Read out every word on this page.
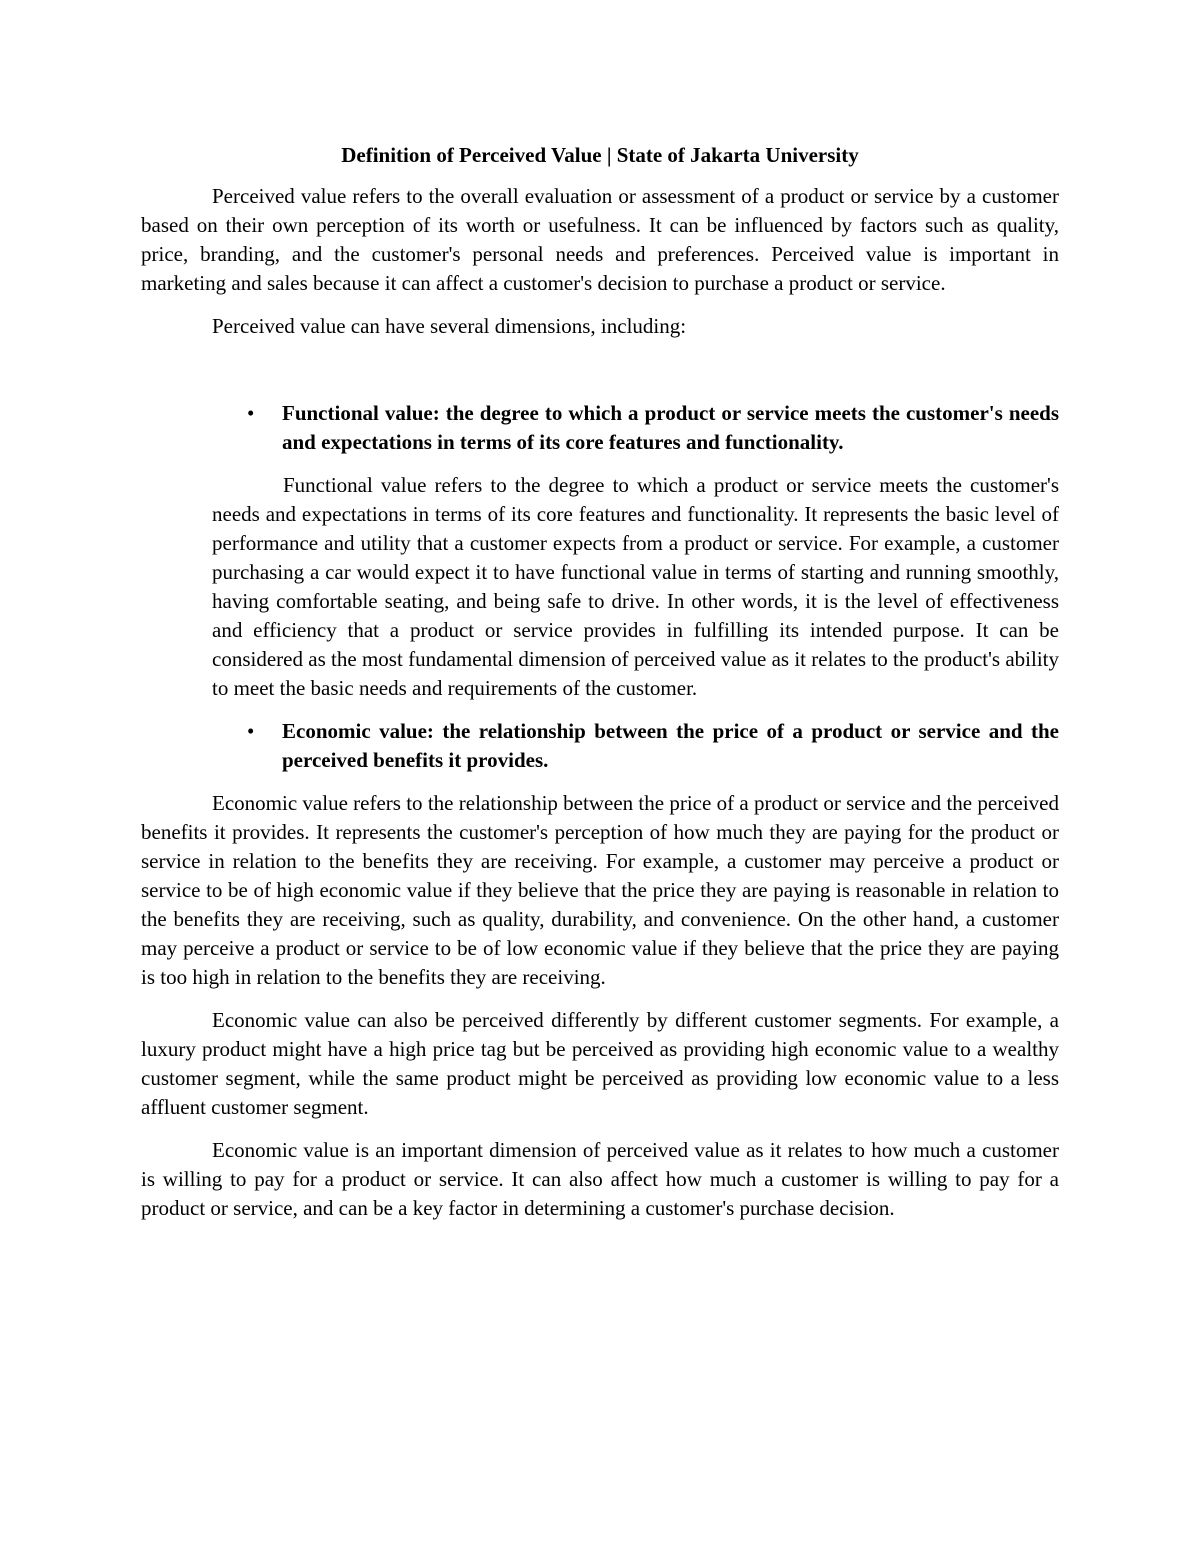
Definition of Perceived Value | State of Jakarta University

Perceived value refers to the overall evaluation or assessment of a product or service by a customer based on their own perception of its worth or usefulness. It can be influenced by factors such as quality, price, branding, and the customer's personal needs and preferences. Perceived value is important in marketing and sales because it can affect a customer's decision to purchase a product or service.

Perceived value can have several dimensions, including:

• Functional value: the degree to which a product or service meets the customer's needs and expectations in terms of its core features and functionality.

Functional value refers to the degree to which a product or service meets the customer's needs and expectations in terms of its core features and functionality. It represents the basic level of performance and utility that a customer expects from a product or service. For example, a customer purchasing a car would expect it to have functional value in terms of starting and running smoothly, having comfortable seating, and being safe to drive. In other words, it is the level of effectiveness and efficiency that a product or service provides in fulfilling its intended purpose. It can be considered as the most fundamental dimension of perceived value as it relates to the product's ability to meet the basic needs and requirements of the customer.

• Economic value: the relationship between the price of a product or service and the perceived benefits it provides.

Economic value refers to the relationship between the price of a product or service and the perceived benefits it provides. It represents the customer's perception of how much they are paying for the product or service in relation to the benefits they are receiving. For example, a customer may perceive a product or service to be of high economic value if they believe that the price they are paying is reasonable in relation to the benefits they are receiving, such as quality, durability, and convenience. On the other hand, a customer may perceive a product or service to be of low economic value if they believe that the price they are paying is too high in relation to the benefits they are receiving.

Economic value can also be perceived differently by different customer segments. For example, a luxury product might have a high price tag but be perceived as providing high economic value to a wealthy customer segment, while the same product might be perceived as providing low economic value to a less affluent customer segment.

Economic value is an important dimension of perceived value as it relates to how much a customer is willing to pay for a product or service. It can also affect how much a customer is willing to pay for a product or service, and can be a key factor in determining a customer's purchase decision.
